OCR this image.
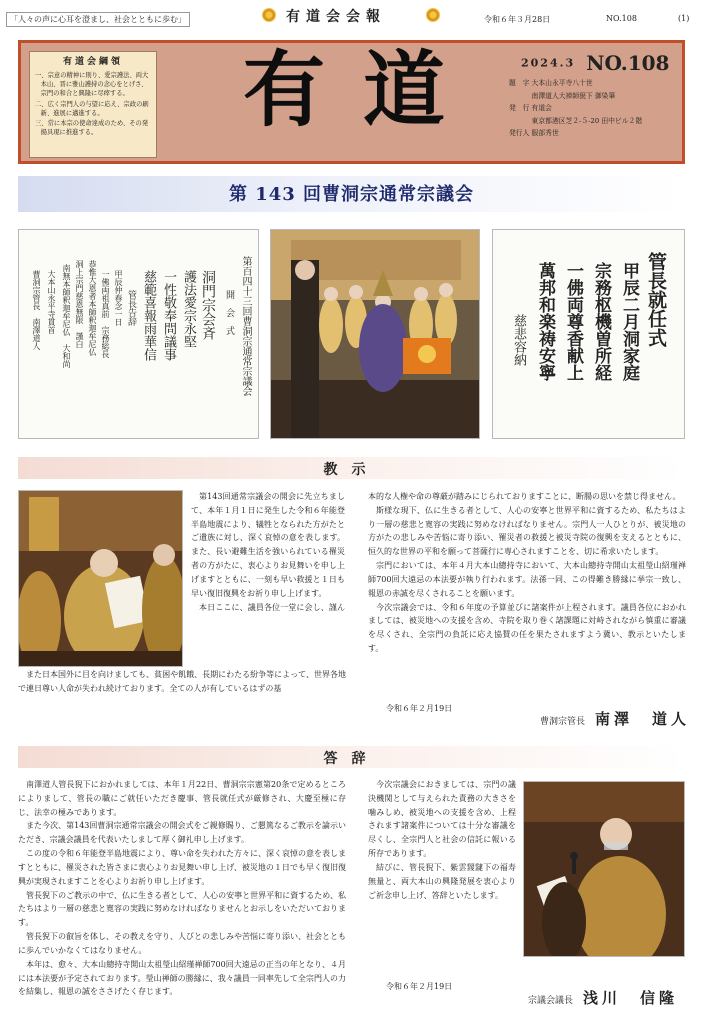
「人々の声に心耳を澄まし、社会とともに歩む」	有道会会報	令和６年３月28日	NO.108	(1)
有道会綱領

一、宗意の精神に則り、愛宗護法、両大本山、晋に雅山護持の念心をとげさ、宗門の和合と興隆に尽瘁する。

二、広く宗門人の与望に応え、宗政の刷新、進展に邁進する。

三、常に本宗の使命達成のため、その発揚具現に推進する。	有道	2024.3 NO.108
題　字 大本山永平寺八十世
　　　 南澤道人大禅師猊下 御染筆
発　行 有道会
　　　 東京都港区芝２-５-20 田中ビル２階
発行人 服部秀世
第 143 回曹洞宗通常宗議会
第百四十三回曹洞宗通常宗議会
開　会　式
洞門宗会斉
護法愛宗永堅
一性敬奉問議事
慈範喜報雨華信
管長告辞
甲辰仲春念一日
一佛両祖真前　宗務総長
恭惟大恩者本師釈迦牟尼仏
洞上宗門慈恩無限　謹白
南無本師釈迦牟尼仏　大和尚
大本山永平寺貫首
曹洞宗管長　南澤道人	管長就任式
甲辰二月洞家庭
宗務枢機曽所経
一佛両尊香献上
萬邦和楽祷安寧
慈悲容納
教示

第143回通常宗議会の開会に先立ちまして、本年１月１日に発生した令和６年能登半島地震により、犠牲となられた方がたとご遺族に対し、深く哀悼の意を表します。また、長い避難生活を強いられている罹災者の方がたに、衷心よりお見舞いを申し上げますとともに、一刻も早い救援と１日も早い復旧復興をお祈り申し上げます。

本日ここに、議員各位一堂に会し、謹ん

また日本国外に目を向けましても、貧困や飢餓、長期にわたる紛争等によって、世界各地で連日尊い人命が失われ続けております。全ての人が有しているはずの基

本的な人権や命の尊厳が踏みにじられておりますことに、断腸の思いを禁じ得ません。

斯様な現下、仏に生きる者として、人心の安寧と世界平和に資するため、私たちはより一層の慈悲と寛容の実践に努めなければなりません。宗門人一人ひとりが、被災地の方がたの悲しみや苦悩に寄り添い、罹災者の救援と被災寺院の復興を支えるとともに、恒久的な世界の平和を願って菩薩行に専心されますことを、切に希求いたします。

宗門においては、本年４月大本山總持寺において、大本山總持寺開山太祖瑩山紹瑾禅師700回大遠忌の本法要が執り行われます。法孫一同、この得難き勝縁に挙宗一致し、報恩の赤誠を尽くされることを願います。

今次宗議会では、令和６年度の予算並びに諸案件が上程されます。議員各位におかれましては、被災地への支援を含め、寺院を取り巻く諸課題に対峙されながら慎重に審議を尽くされ、全宗門の負託に応え協賛の任を果たされますよう冀い、教示といたします。

令和６年２月19日
曹洞宗管長 南澤　道人
答辞

南澤道人管長猊下におかれましては、本年１月22日、曹洞宗宗憲第20条で定めるところによりまして、管長の職にご就任いただき慶事、管長就任式が厳修され、大慶至極に存じ、法幸の極みであります。

また今次、第143回曹洞宗通常宗議会の開会式をご親修賜り、ご懇篤なるご教示を論示いただき、宗議会議員を代表いたしまして厚く御礼申し上げます。

この度の令和６年能登半島地震により、尊い命を失われた方々に、深く哀悼の意を表しますとともに、罹災された皆さまに衷心よりお見舞い申し上げ、被災地の１日でも早く復旧復興が実現されますことを心よりお祈り申し上げます。

管長猊下のご教示の中で、仏に生きる者として、人心の安寧と世界平和に資するため、私たちはより一層の慈悲と寛容の実践に努めなければなりませんとお示しをいただいております。

管長猊下の叡旨を体し、その教えを守り、人びとの悲しみや苦悩に寄り添い、社会とともに歩んでいかなくてはなりません。

本年は、愈々、大本山總持寺開山太祖瑩山紹瑾禅師700回大遠忌の正当の年となり、４月には本法要が予定されております。瑩山禅師の勝縁に、我々議員一同率先して全宗門人の力を結集し、報恩の誠をささげたく存じます。

今次宗議会におきましては、宗門の議決機関として与えられた責務の大きさを噛みしめ、被災地への支援を含め、上程されます諸案件については十分な審議を尽くし、全宗門人と社会の信託に報いる所存であります。

結びに、管長猊下、紫雲靉靆下の福寿無量と、両大本山の興隆発展を衷心よりご祈念申し上げ、答辞といたします。

令和６年２月19日
宗議会議長 浅川　信隆
